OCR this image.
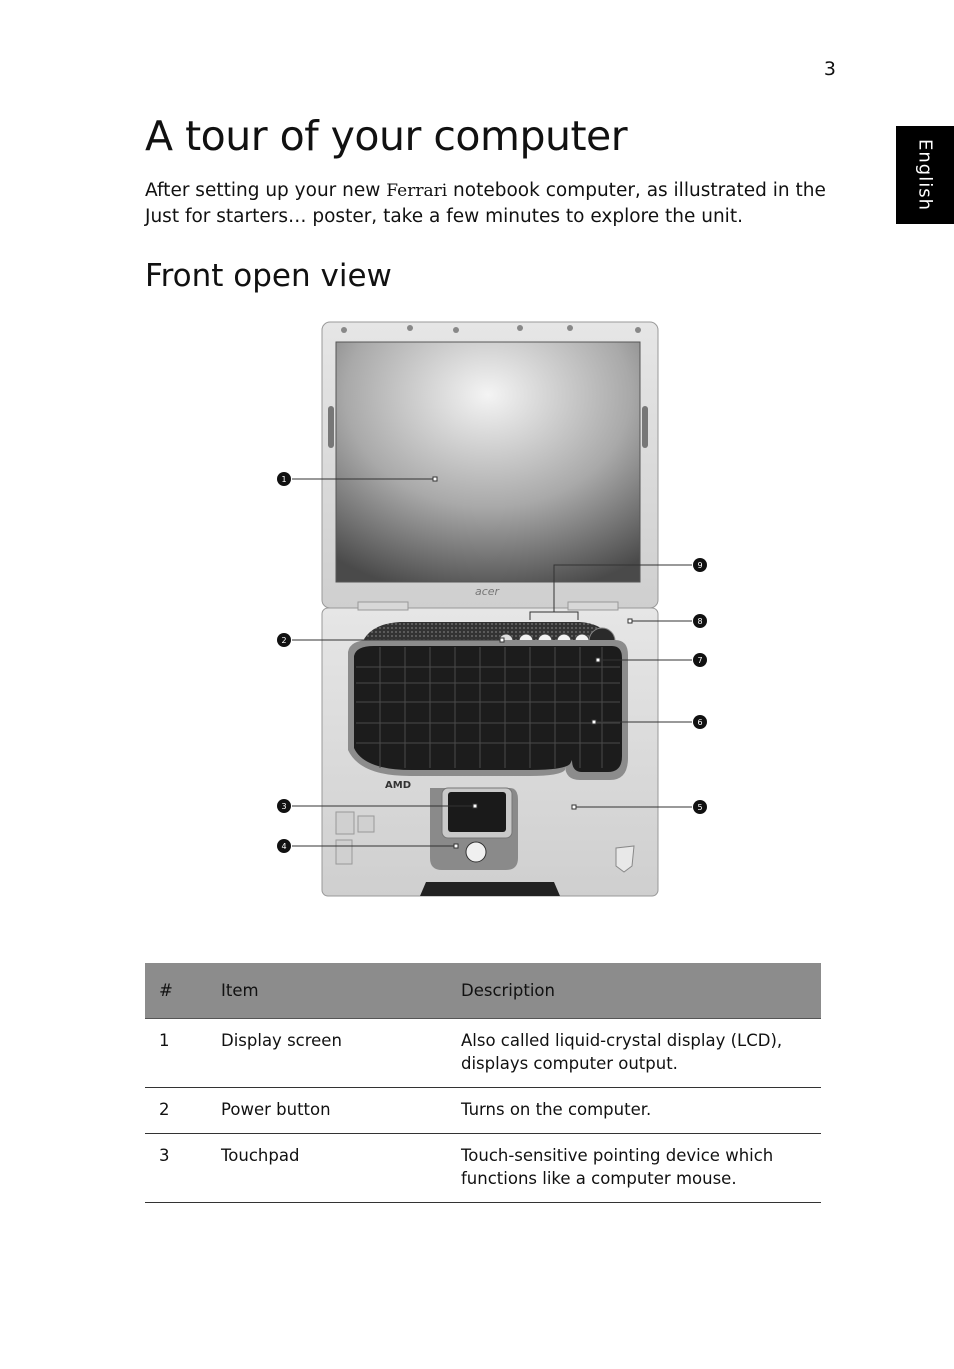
3
English
A tour of your computer

After setting up your new Ferrari notebook computer, as illustrated in the Just for starters… poster, take a few minutes to explore the unit.

Front open view
acer
AMD
1
2
3
4
5
6
7
8
9
#	Item	Description
1	Display screen	Also called liquid-crystal display (LCD), displays computer output.
2	Power button	Turns on the computer.
3	Touchpad	Touch-sensitive pointing device which functions like a computer mouse.
